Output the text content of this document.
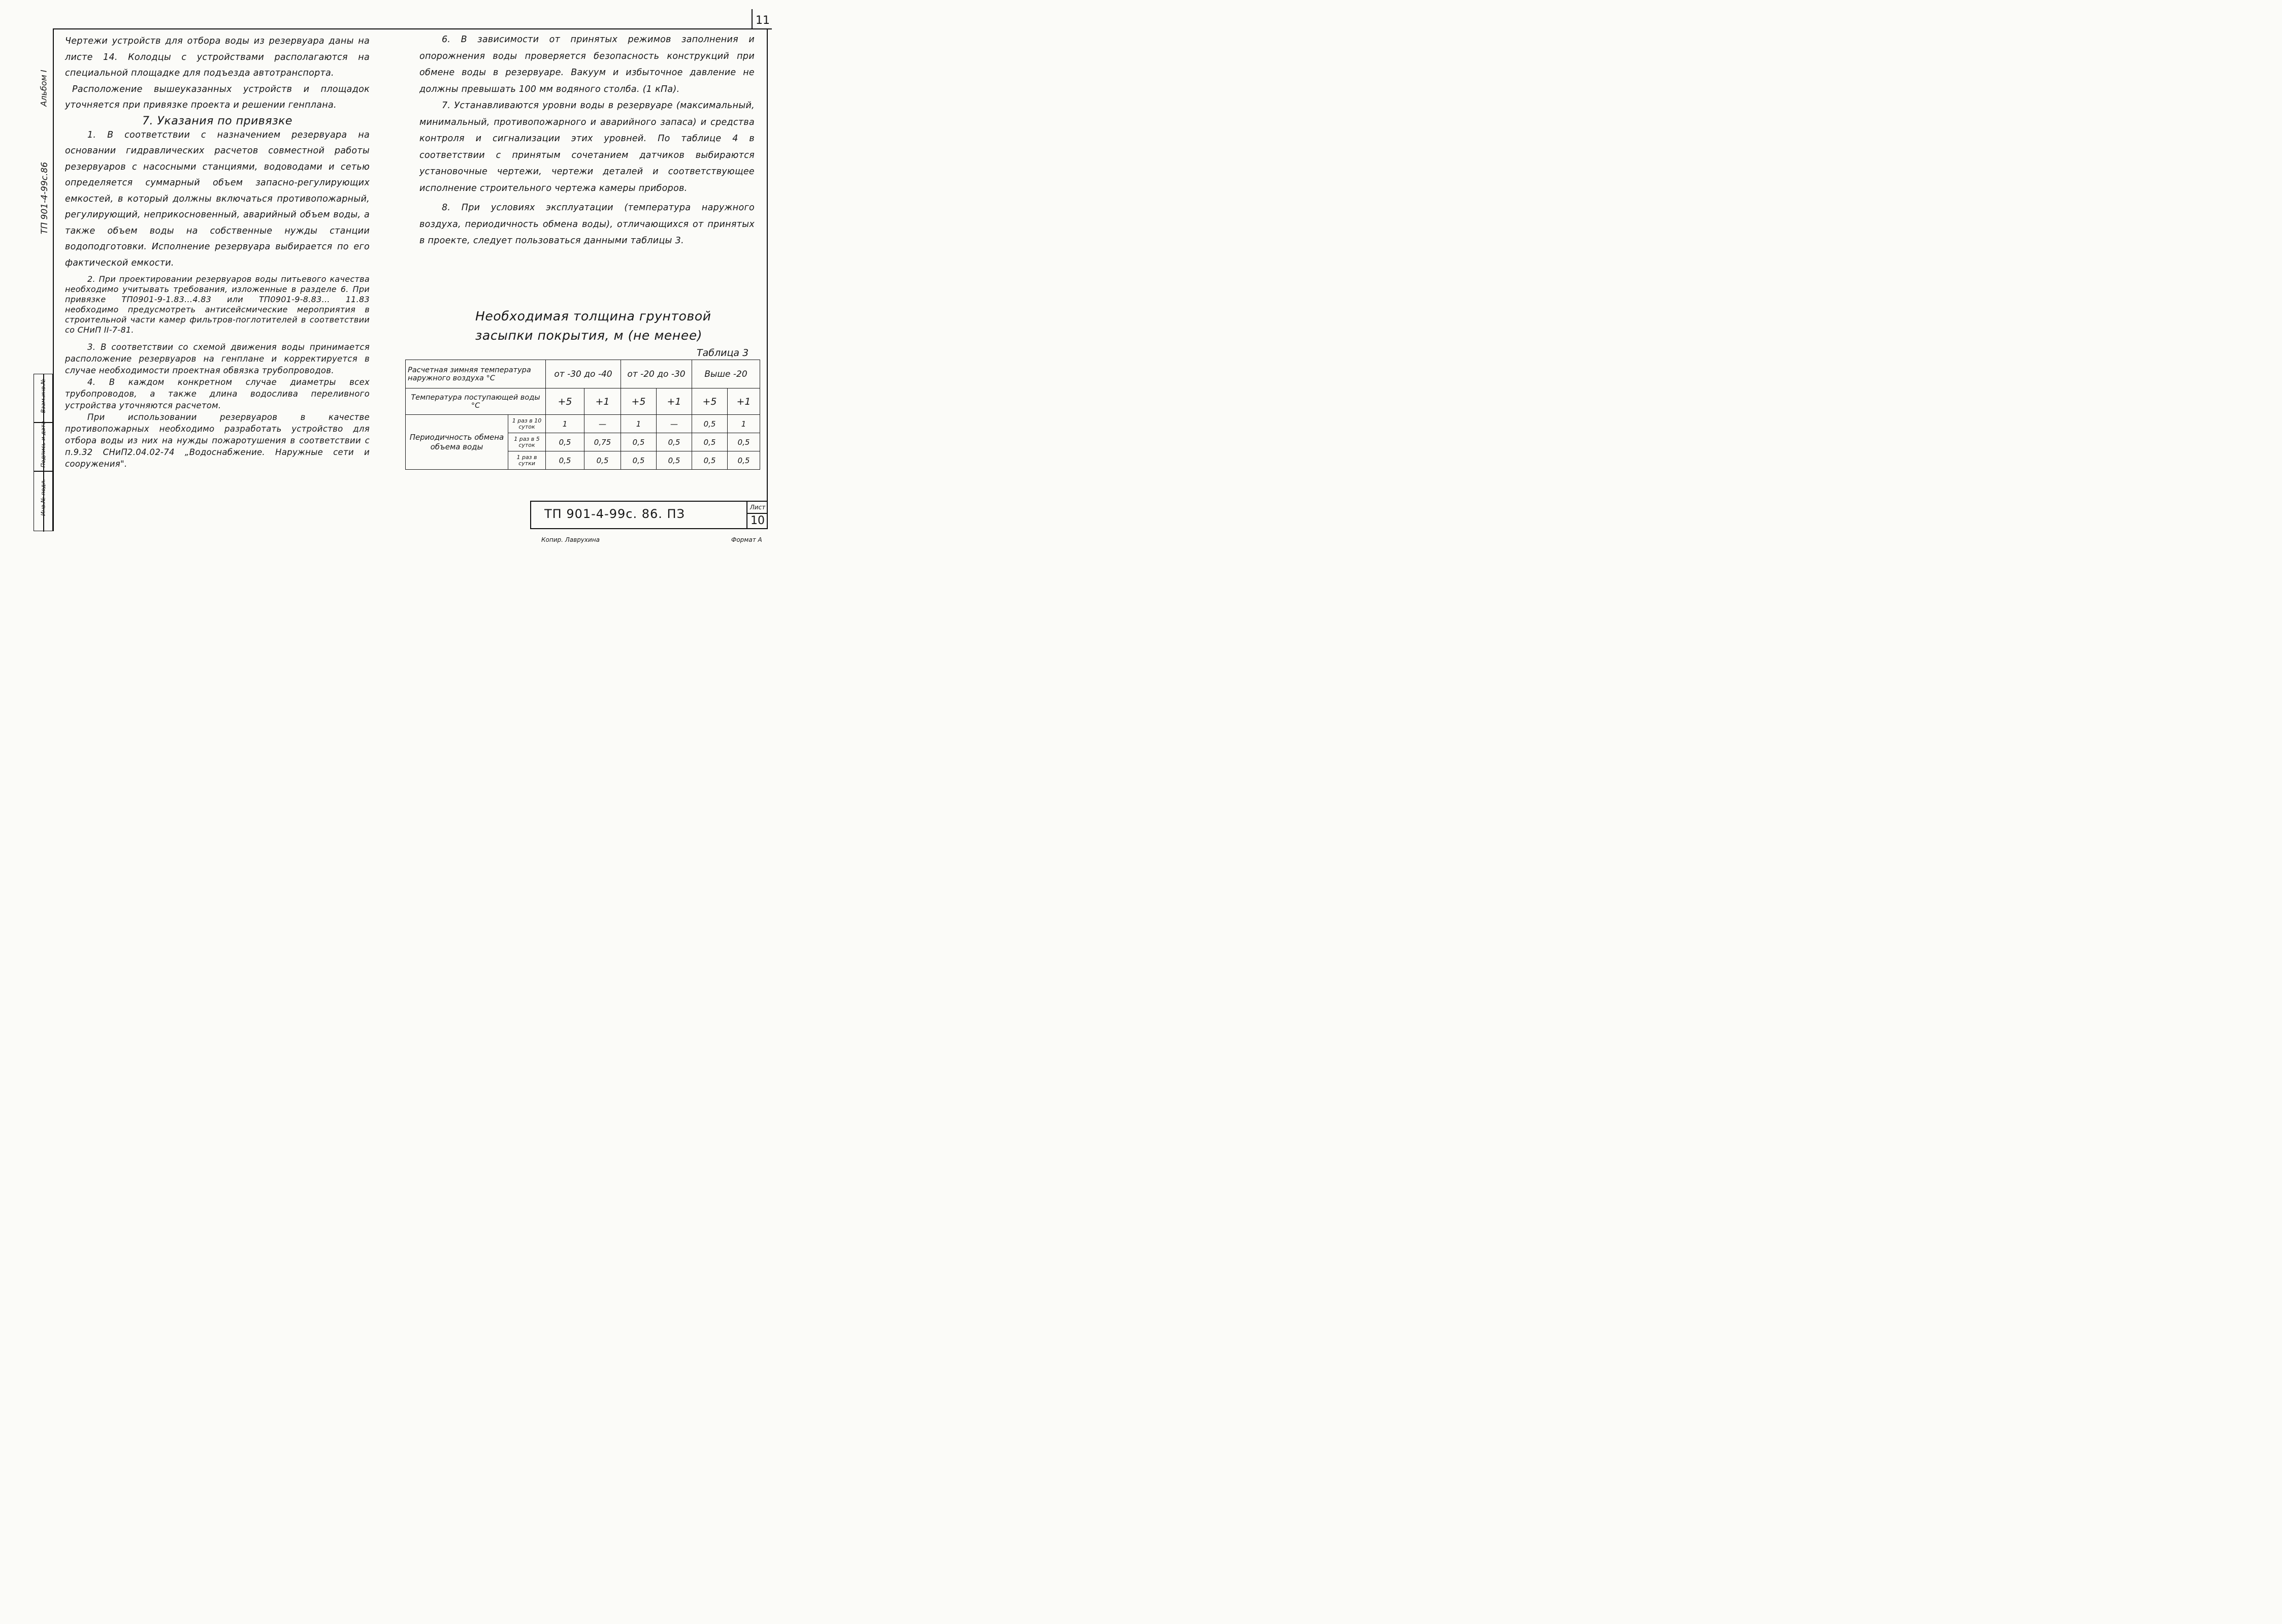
11
Альбом I
ТП 901-4-99с.86
Взам.инв.№
Подпись и дата
Инв.№ подл.

Чертежи устройств для отбора воды из резервуара даны на листе 14. Колодцы с устройствами располагаются на специальной площадке для подъезда автотранспорта.

Расположение вышеуказанных устройств и площадок уточняется при привязке проекта и решении генплана.

7. Указания по привязке

1. В соответствии с назначением резервуара на основании гидравлических расчетов совместной работы резервуаров с насосными станциями, водоводами и сетью определяется суммарный объем запасно-регулирующих емкостей, в который должны включаться противопожарный, регулирующий, неприкосновенный, аварийный объем воды, а также объем воды на собственные нужды станции водоподготовки. Исполнение резервуара выбирается по его фактической емкости.

2. При проектировании резервуаров воды питьевого качества необходимо учитывать требования, изложенные в разделе 6. При привязке ТП0901-9-1.83...4.83 или ТП0901-9-8.83... 11.83 необходимо предусмотреть антисейсмические мероприятия в строительной части камер фильтров-поглотителей в соответствии со СНиП II-7-81.

3. В соответствии со схемой движения воды принимается расположение резервуаров на генплане и корректируется в случае необходимости проектная обвязка трубопроводов.

4. В каждом конкретном случае диаметры всех трубопроводов, а также длина водослива переливного устройства уточняются расчетом.

При использовании резервуаров в качестве противопожарных необходимо разработать устройство для отбора воды из них на нужды пожаротушения в соответствии с п.9.32 СНиП2.04.02-74 „Водоснабжение. Наружные сети и сооружения".

6. В зависимости от принятых режимов заполнения и опорожнения воды проверяется безопасность конструкций при обмене воды в резервуаре. Вакуум и избыточное давление не должны превышать 100 мм водяного столба. (1 кПа).

7. Устанавливаются уровни воды в резервуаре (максимальный, минимальный, противопожарного и аварийного запаса) и средства контроля и сигнализации этих уровней. По таблице 4 в соответствии с принятым сочетанием датчиков выбираются установочные чертежи, чертежи деталей и соответствующее исполнение строительного чертежа камеры приборов.

8. При условиях эксплуатации (температура наружного воздуха, периодичность обмена воды), отличающихся от принятых в проекте, следует пользоваться данными таблицы 3.

Необходимая толщина грунтовой
засыпки покрытия, м (не менее)
Таблица 3
Расчетная зимняя температура наружного воздуха °С		от -30 до -40		от -20 до -30		Выше -20	
Температура поступающей воды °С		+5	+1	+5	+1	+5	+1
Периодичность обмена объема воды	1 раз в 10 суток	1	—	1	—	0,5	1
	1 раз в 5 суток	0,5	0,75	0,5	0,5	0,5	0,5
	1 раз в сутки	0,5	0,5	0,5	0,5	0,5	0,5
ТП 901-4-99с. 86. ПЗ	Лист
10
Копир. Лаврухина	Формат А
